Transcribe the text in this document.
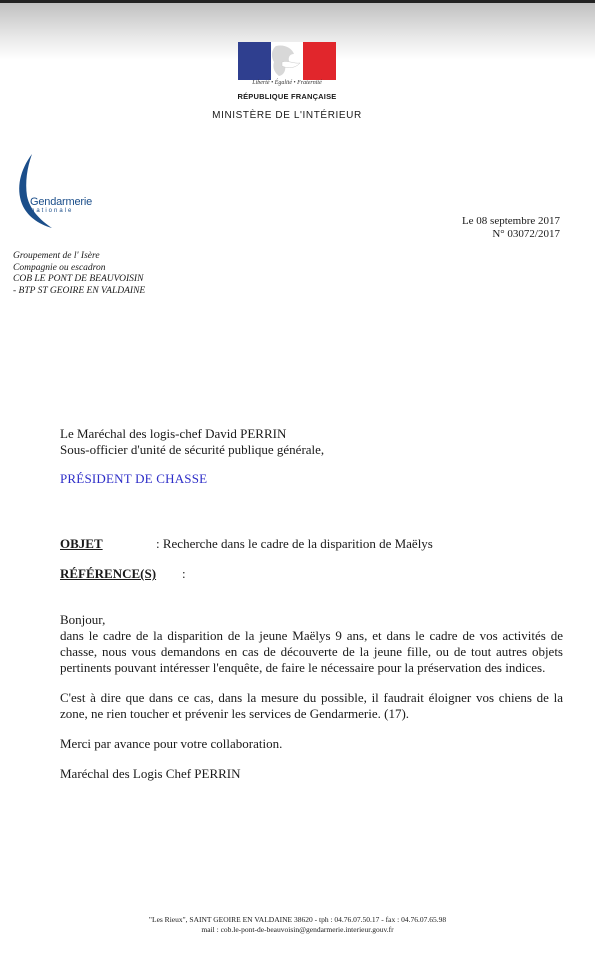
Liberté • Égalité • Fraternité
RÉPUBLIQUE FRANÇAISE
MINISTÈRE DE L'INTÉRIEUR
Gendarmerie
nationale
Le 08 septembre 2017
N° 03072/2017
Groupement de l' Isère
Compagnie ou escadron
COB LE PONT DE BEAUVOISIN
- BTP ST GEOIRE EN VALDAINE
Le Maréchal des logis-chef David PERRIN
Sous-officier d'unité de sécurité publique générale,
PRÉSIDENT DE CHASSE
OBJET	: Recherche dans le cadre de la disparition de Maëlys
RÉFÉRENCE(S) :

Bonjour,

dans le cadre de la disparition de la jeune Maëlys 9 ans, et dans le cadre de vos activités de chasse, nous vous demandons en cas de découverte de la jeune fille, ou de tout autres objets pertinents pouvant intéresser l'enquête, de faire le nécessaire pour la préservation des indices.

C'est à dire que dans ce cas, dans la mesure du possible, il faudrait éloigner vos chiens de la zone, ne rien toucher et prévenir les services de Gendarmerie. (17).

Merci par avance pour votre collaboration.

Maréchal des Logis Chef PERRIN

"Les Rieux", SAINT GEOIRE EN VALDAINE 38620 - tph : 04.76.07.50.17 - fax : 04.76.07.65.98
mail : cob.le-pont-de-beauvoisin@gendarmerie.interieur.gouv.fr
